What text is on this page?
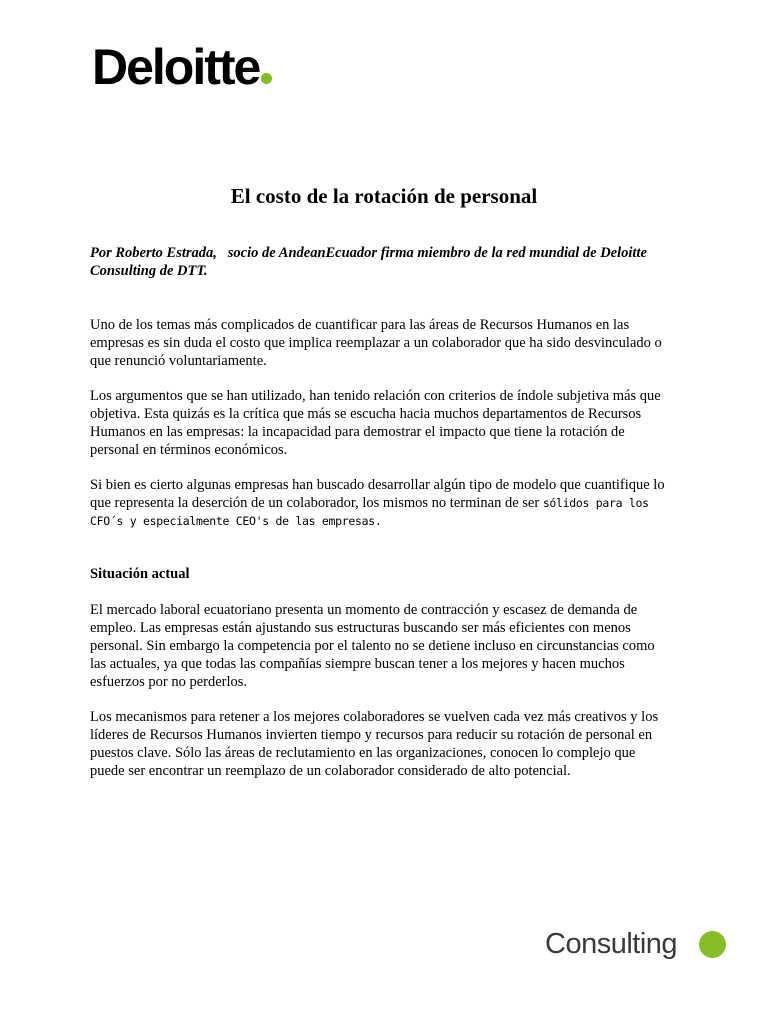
Deloitte
El costo de la rotación de personal

Por Roberto Estrada,   socio de AndeanEcuador firma miembro de la red mundial de Deloitte Consulting de DTT.

Uno de los temas más complicados de cuantificar para las áreas de Recursos Humanos en las empresas es sin duda el costo que implica reemplazar a un colaborador que ha sido desvinculado o que renunció voluntariamente.

Los argumentos que se han utilizado, han tenido relación con criterios de índole subjetiva más que objetiva. Esta quizás es la crítica que más se escucha hacia muchos departamentos de Recursos Humanos en las empresas: la incapacidad para demostrar el impacto que tiene la rotación de personal en términos económicos.

Si bien es cierto algunas empresas han buscado desarrollar algún tipo de modelo que cuantifique lo que representa la deserción de un colaborador, los mismos no terminan de ser sólidos para los CFO´s y especialmente CEO's de las empresas.

Situación actual

El mercado laboral ecuatoriano presenta un momento de contracción y escasez de demanda de empleo. Las empresas están ajustando sus estructuras buscando ser más eficientes con menos personal. Sin embargo la competencia por el talento no se detiene incluso en circunstancias como las actuales, ya que todas las compañías siempre buscan tener a los mejores y hacen muchos esfuerzos por no perderlos.

Los mecanismos para retener a los mejores colaboradores se vuelven cada vez más creativos y los líderes de Recursos Humanos invierten tiempo y recursos para reducir su rotación de personal en puestos clave. Sólo las áreas de reclutamiento en las organizaciones, conocen lo complejo que puede ser encontrar un reemplazo de un colaborador considerado de alto potencial.

Consulting
